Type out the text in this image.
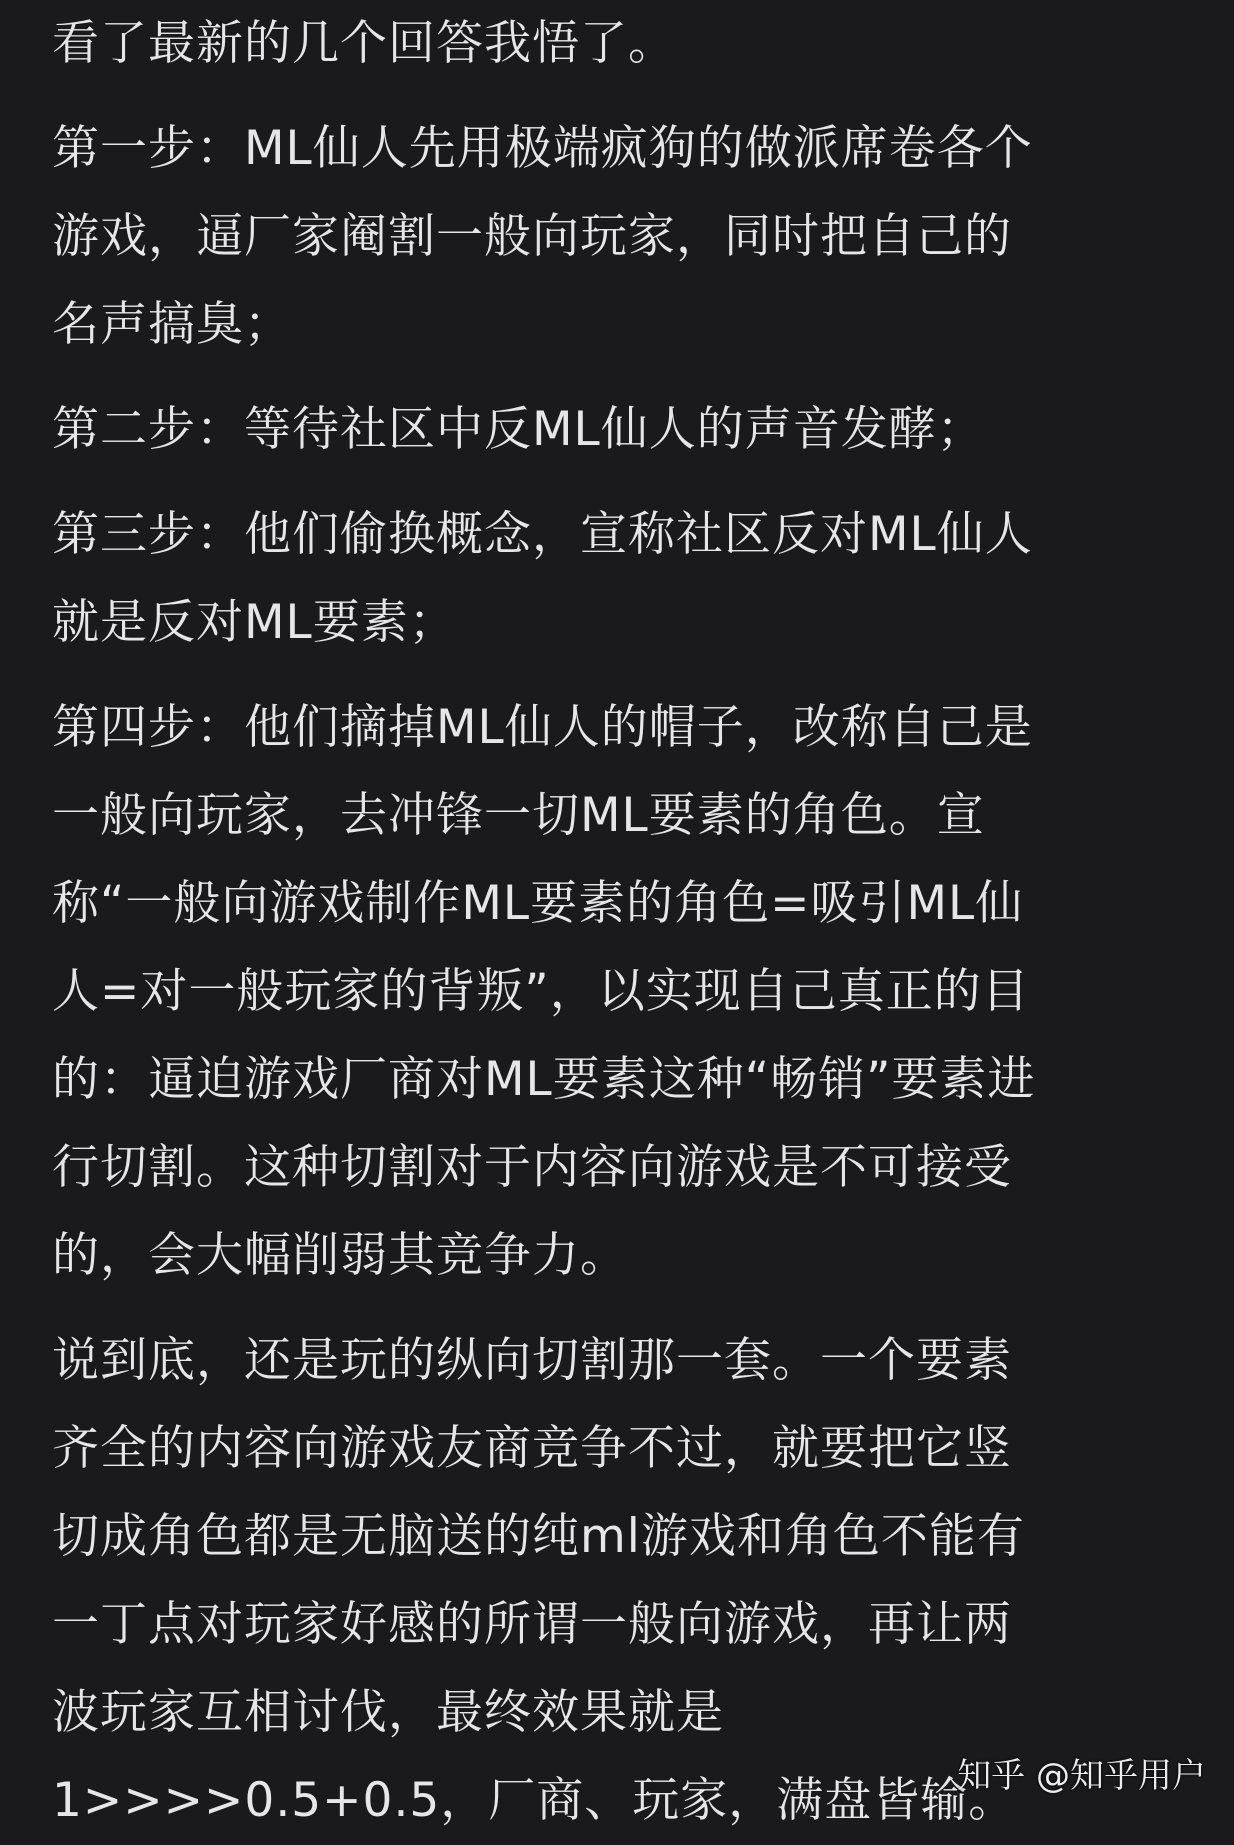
看了最新的几个回答我悟了。

第一步：ML仙人先用极端疯狗的做派席卷各个
游戏，逼厂家阉割一般向玩家，同时把自己的
名声搞臭；

第二步：等待社区中反ML仙人的声音发酵；

第三步：他们偷换概念，宣称社区反对ML仙人
就是反对ML要素；

第四步：他们摘掉ML仙人的帽子，改称自己是
一般向玩家，去冲锋一切ML要素的角色。宣
称“一般向游戏制作ML要素的角色=吸引ML仙
人=对一般玩家的背叛”，以实现自己真正的目
的：逼迫游戏厂商对ML要素这种“畅销”要素进
行切割。这种切割对于内容向游戏是不可接受
的，会大幅削弱其竞争力。

说到底，还是玩的纵向切割那一套。一个要素
齐全的内容向游戏友商竞争不过，就要把它竖
切成角色都是无脑送的纯ml游戏和角色不能有
一丁点对玩家好感的所谓一般向游戏，再让两
波玩家互相讨伐，最终效果就是
1>>>>0.5+0.5，厂商、玩家，满盘皆输。

知乎 @知乎用户
